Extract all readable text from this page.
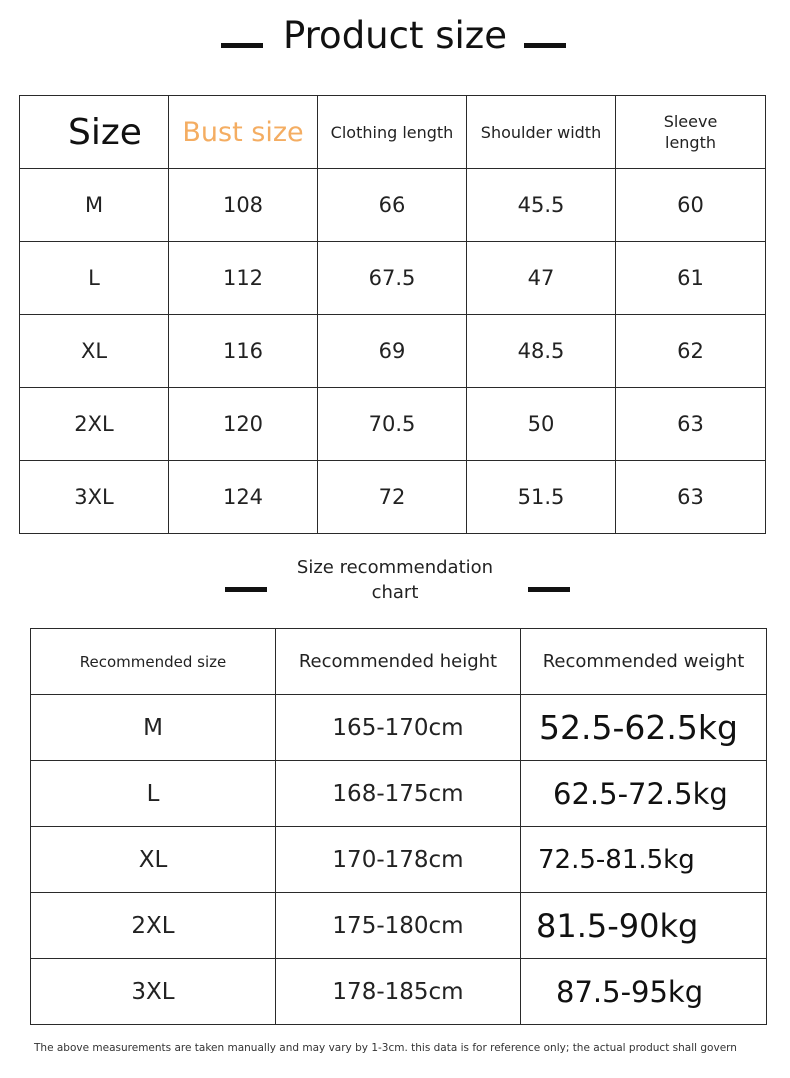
Product size
Size	Bust size	Clothing length	Shoulder width	Sleeve length
M	108	66	45.5	60
L	112	67.5	47	61
XL	116	69	48.5	62
2XL	120	70.5	50	63
3XL	124	72	51.5	63
Size recommendation chart
Recommended size	Recommended height	Recommended weight
M	165-170cm	52.5-62.5kg
L	168-175cm	62.5-72.5kg
XL	170-178cm	72.5-81.5kg
2XL	175-180cm	81.5-90kg
3XL	178-185cm	87.5-95kg
The above measurements are taken manually and may vary by 1-3cm. this data is for reference only; the actual product shall govern
